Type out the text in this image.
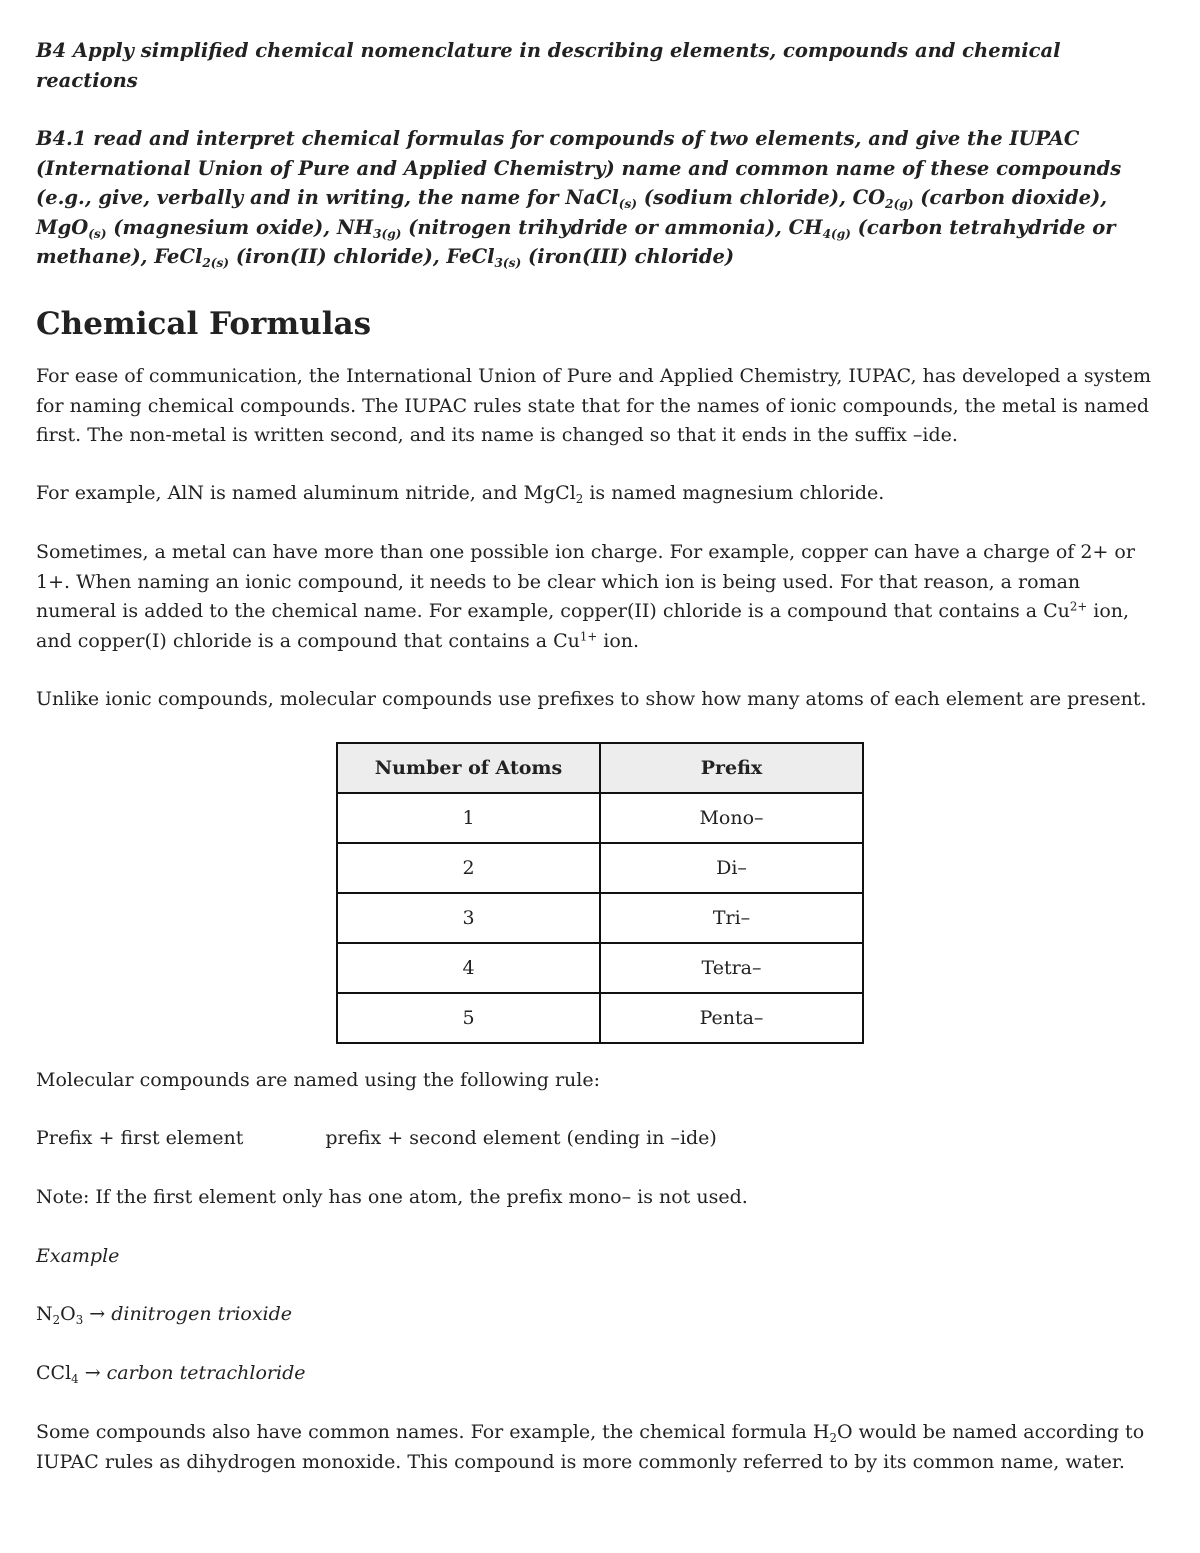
B4 Apply simplified chemical nomenclature in describing elements, compounds and chemical reactions

B4.1 read and interpret chemical formulas for compounds of two elements, and give the IUPAC (International Union of Pure and Applied Chemistry) name and common name of these compounds (e.g., give, verbally and in writing, the name for NaCl$_{(s)}$ (sodium chloride), $CO_{2(g)}$ (carbon dioxide), MgO$_{(s)}$ (magnesium oxide), $NH_{3(g)}$ (nitrogen trihydride or ammonia), $CH_{4(g)}$ (carbon tetrahydride or methane), FeCl$_{2(s)}$ (iron(II) chloride), FeCl$_{3(s)}$ (iron(III) chloride)

Chemical Formulas

For ease of communication, the International Union of Pure and Applied Chemistry, IUPAC, has developed a system for naming chemical compounds. The IUPAC rules state that for the names of ionic compounds, the metal is named first. The non-metal is written second, and its name is changed so that it ends in the suffix –ide.

For example, AlN is named aluminum nitride, and MgCl$_2$ is named magnesium chloride.

Sometimes, a metal can have more than one possible ion charge. For example, copper can have a charge of 2+ or 1+. When naming an ionic compound, it needs to be clear which ion is being used. For that reason, a roman numeral is added to the chemical name. For example, copper(II) chloride is a compound that contains a $Cu^{2+}$ ion, and copper(I) chloride is a compound that contains a $Cu^{1+}$ ion.

Unlike ionic compounds, molecular compounds use prefixes to show how many atoms of each element are present.

Number of Atoms	Prefix
1	Mono–
2	Di–
3	Tri–
4	Tetra–
5	Penta–

Molecular compounds are named using the following rule:

Prefix + first element	prefix + second element (ending in –ide)

Note: If the first element only has one atom, the prefix mono– is not used.

Example

$N_2O_3$ → dinitrogen trioxide

CCl$_4$ → carbon tetrachloride

Some compounds also have common names. For example, the chemical formula $H_2O$ would be named according to IUPAC rules as dihydrogen monoxide. This compound is more commonly referred to by its common name, water.
